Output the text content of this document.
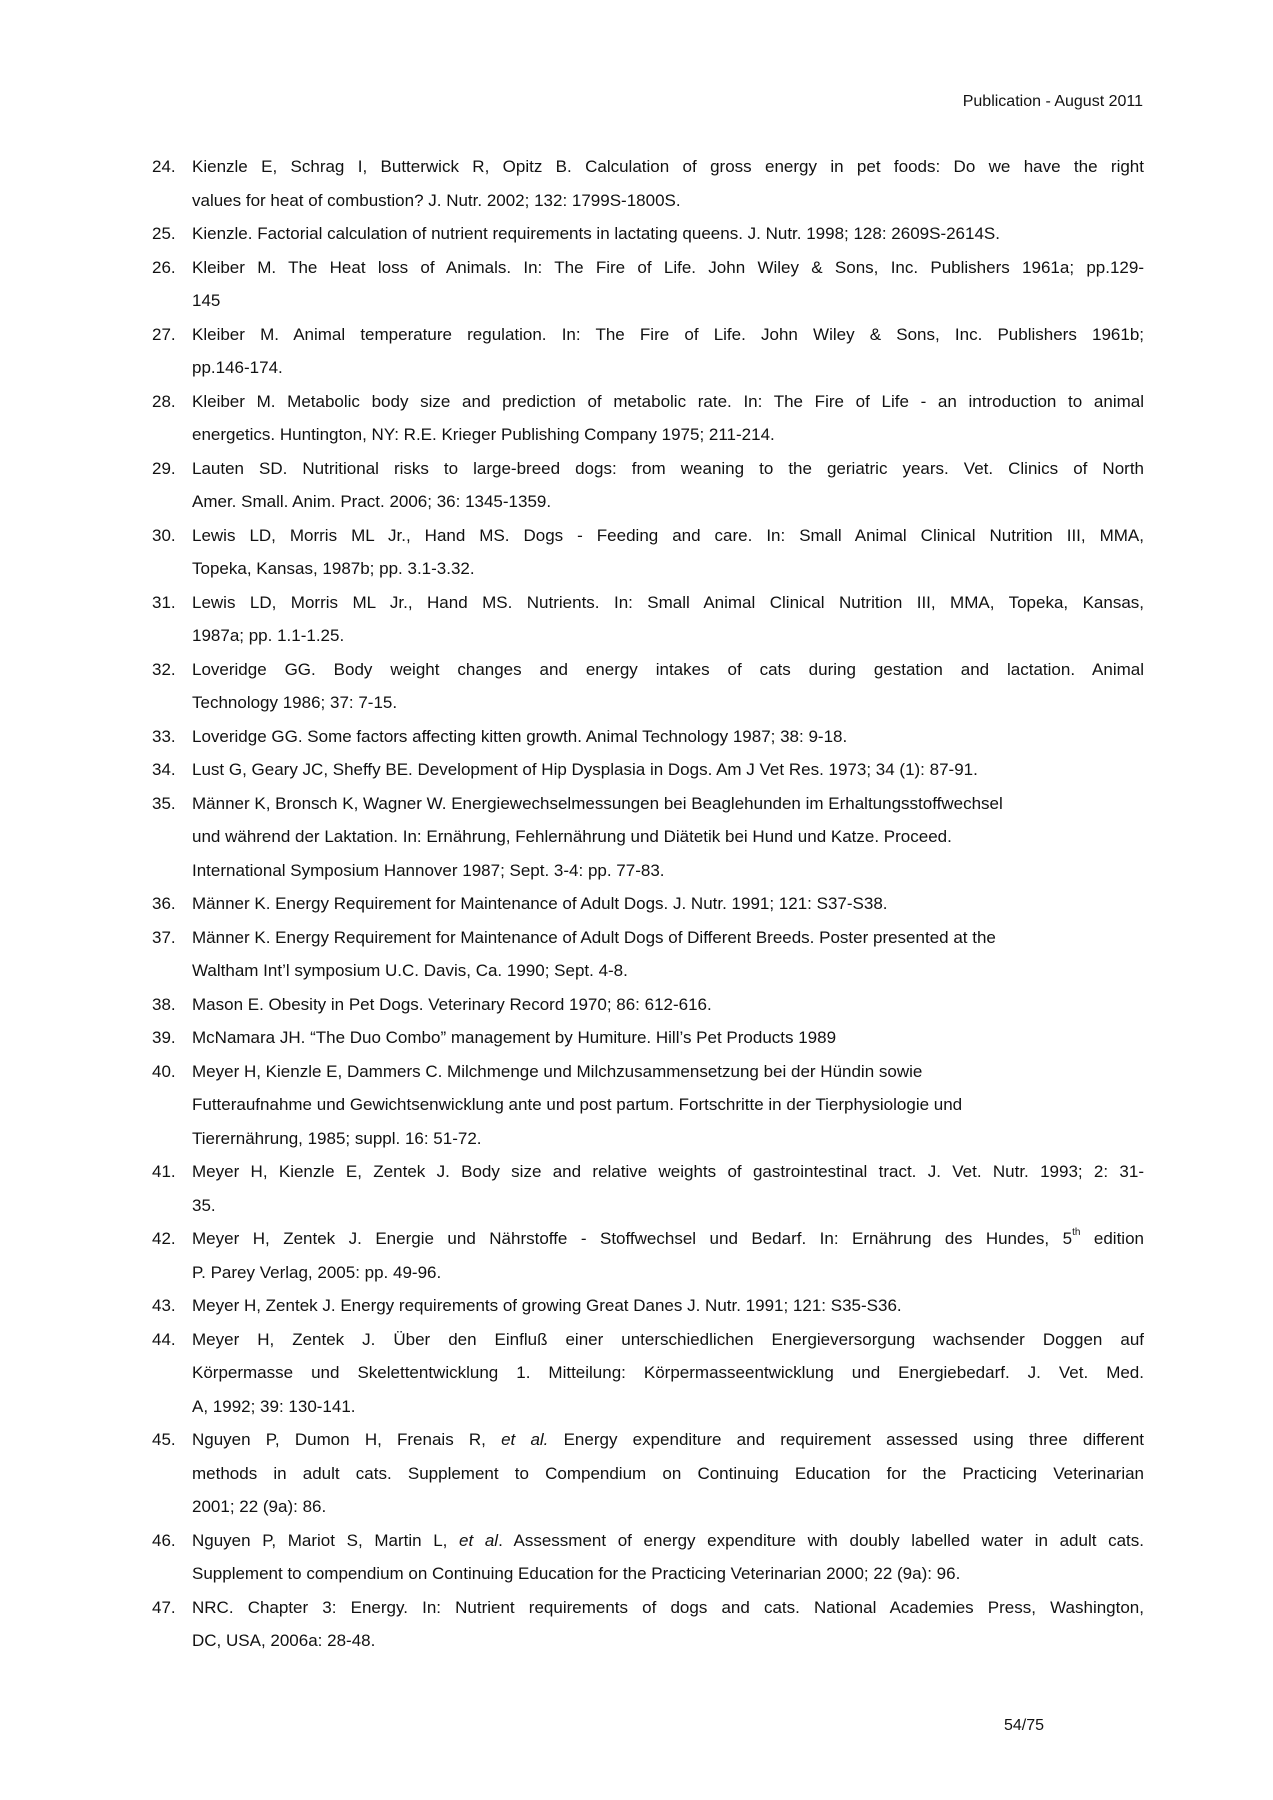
Publication - August 2011
24. Kienzle E, Schrag I, Butterwick R, Opitz B. Calculation of gross energy in pet foods: Do we have the right
values for heat of combustion? J. Nutr. 2002; 132: 1799S-1800S.
25. Kienzle. Factorial calculation of nutrient requirements in lactating queens. J. Nutr. 1998; 128: 2609S-2614S.
26. Kleiber M. The Heat loss of Animals. In: The Fire of Life. John Wiley & Sons, Inc. Publishers 1961a; pp.129-
145
27. Kleiber M. Animal temperature regulation. In: The Fire of Life. John Wiley & Sons, Inc. Publishers 1961b;
pp.146-174.
28. Kleiber M. Metabolic body size and prediction of metabolic rate. In: The Fire of Life - an introduction to animal
energetics. Huntington, NY: R.E. Krieger Publishing Company 1975; 211-214.
29. Lauten SD. Nutritional risks to large-breed dogs: from weaning to the geriatric years. Vet. Clinics of North
Amer. Small. Anim. Pract. 2006; 36: 1345-1359.
30. Lewis LD, Morris ML Jr., Hand MS. Dogs - Feeding and care. In: Small Animal Clinical Nutrition III, MMA,
Topeka, Kansas, 1987b; pp. 3.1-3.32.
31. Lewis LD, Morris ML Jr., Hand MS. Nutrients. In: Small Animal Clinical Nutrition III, MMA, Topeka, Kansas,
1987a; pp. 1.1-1.25.
32. Loveridge GG. Body weight changes and energy intakes of cats during gestation and lactation. Animal
Technology 1986; 37: 7-15.
33. Loveridge GG. Some factors affecting kitten growth. Animal Technology 1987; 38: 9-18.
34. Lust G, Geary JC, Sheffy BE. Development of Hip Dysplasia in Dogs. Am J Vet Res. 1973; 34 (1): 87-91.
35. Männer K, Bronsch K, Wagner W. Energiewechselmessungen bei Beaglehunden im Erhaltungsstoffwechsel
und während der Laktation. In: Ernährung, Fehlernährung und Diätetik bei Hund und Katze. Proceed.
International Symposium Hannover 1987; Sept. 3-4: pp. 77-83.
36. Männer K. Energy Requirement for Maintenance of Adult Dogs. J. Nutr. 1991; 121: S37-S38.
37. Männer K. Energy Requirement for Maintenance of Adult Dogs of Different Breeds. Poster presented at the
Waltham Int’l symposium U.C. Davis, Ca. 1990; Sept. 4-8.
38. Mason E. Obesity in Pet Dogs. Veterinary Record 1970; 86: 612-616.
39. McNamara JH. “The Duo Combo” management by Humiture. Hill’s Pet Products 1989
40. Meyer H, Kienzle E, Dammers C. Milchmenge und Milchzusammensetzung bei der Hündin sowie
Futteraufnahme und Gewichtsenwicklung ante und post partum. Fortschritte in der Tierphysiologie und
Tierernährung, 1985; suppl. 16: 51-72.
41. Meyer H, Kienzle E, Zentek J. Body size and relative weights of gastrointestinal tract. J. Vet. Nutr. 1993; 2: 31-
35.
42. Meyer H, Zentek J. Energie und Nährstoffe - Stoffwechsel und Bedarf. In: Ernährung des Hundes, 5th edition
P. Parey Verlag, 2005: pp. 49-96.
43. Meyer H, Zentek J. Energy requirements of growing Great Danes J. Nutr. 1991; 121: S35-S36.
44. Meyer H, Zentek J. Über den Einfluß einer unterschiedlichen Energieversorgung wachsender Doggen auf
Körpermasse und Skelettentwicklung 1. Mitteilung: Körpermasseentwicklung und Energiebedarf. J. Vet. Med.
A, 1992; 39: 130-141.
45. Nguyen P, Dumon H, Frenais R, et al. Energy expenditure and requirement assessed using three different
methods in adult cats. Supplement to Compendium on Continuing Education for the Practicing Veterinarian
2001; 22 (9a): 86.
46. Nguyen P, Mariot S, Martin L, et al. Assessment of energy expenditure with doubly labelled water in adult cats.
Supplement to compendium on Continuing Education for the Practicing Veterinarian 2000; 22 (9a): 96.
47. NRC. Chapter 3: Energy. In: Nutrient requirements of dogs and cats. National Academies Press, Washington,
DC, USA, 2006a: 28-48.
54/75
